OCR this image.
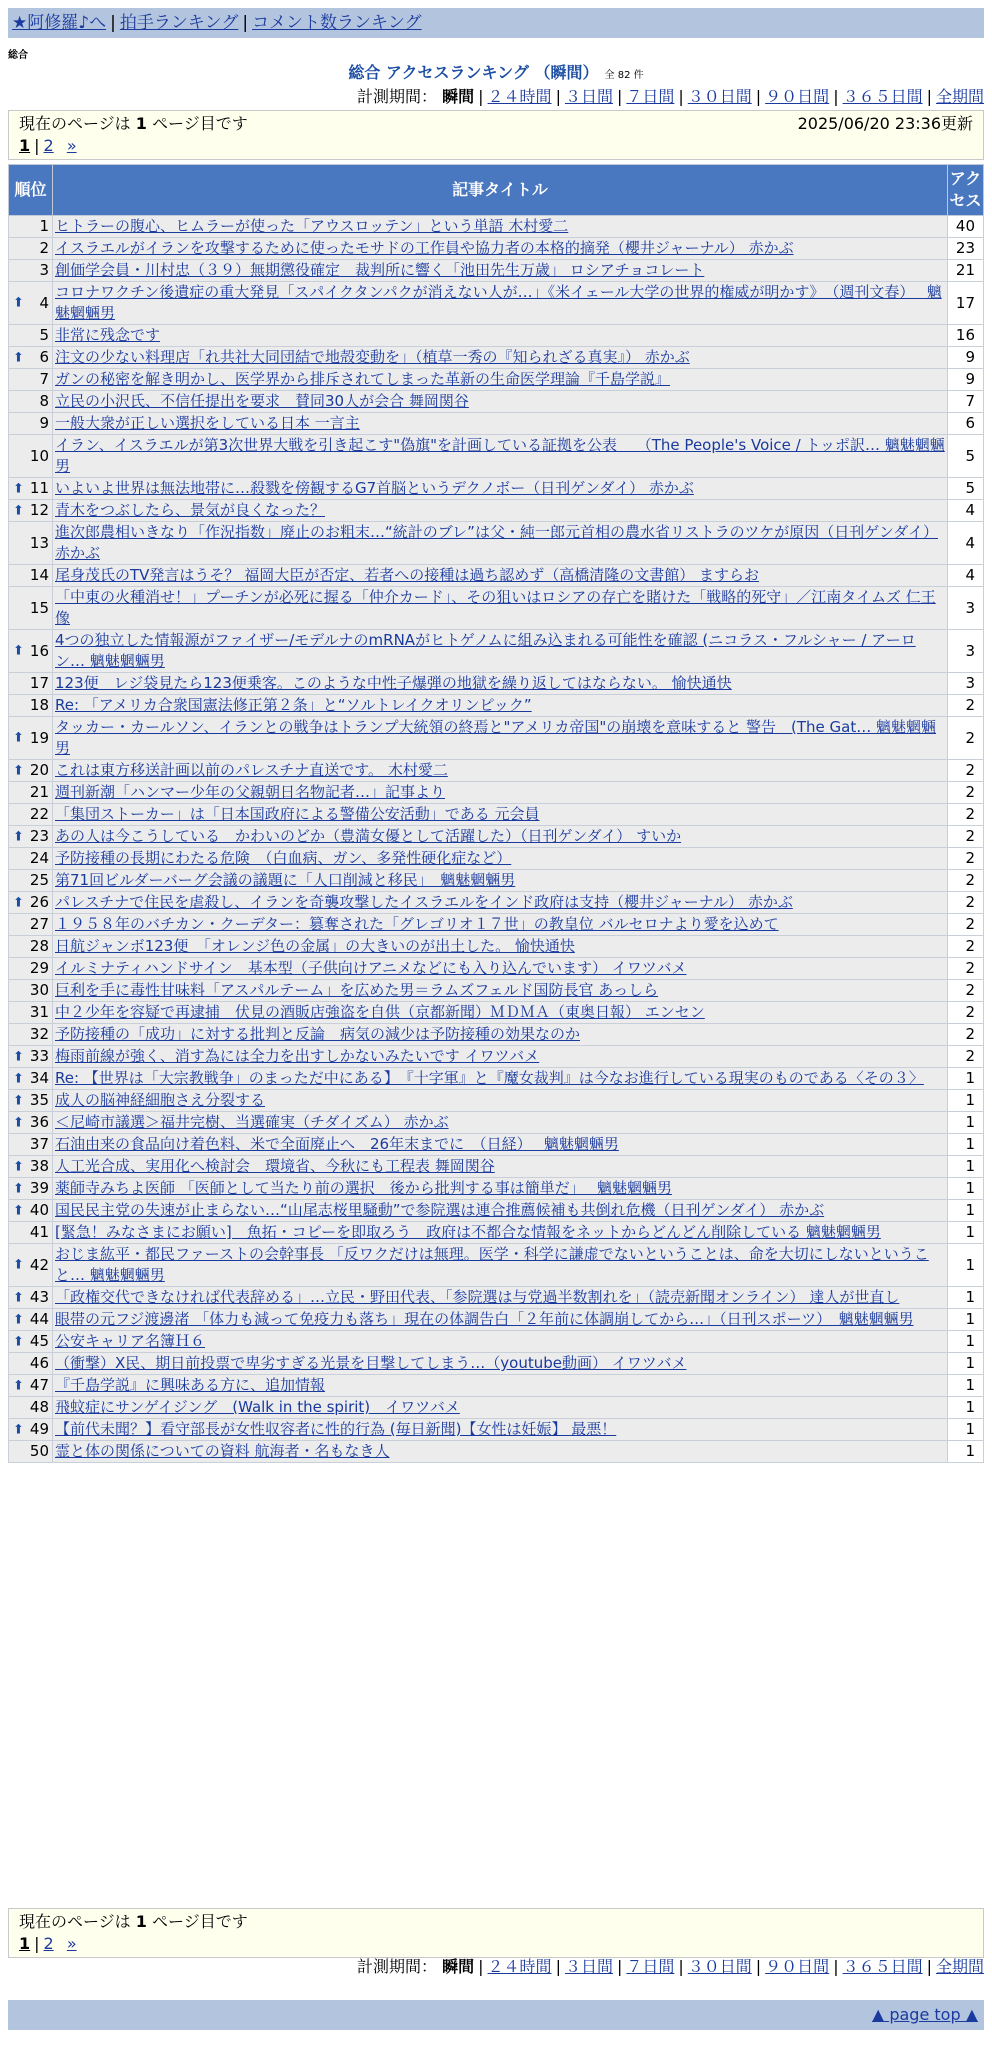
★阿修羅♪へ | 拍手ランキング | コメント数ランキング
総合
総合 アクセスランキング （瞬間） 全 82 件
計測期間： 瞬間 | ２４時間 | ３日間 | ７日間 | ３０日間 | ９０日間 | ３６５日間 | 全期間
現在のページは 1 ページ目です	2025/06/20 23:36更新
1 | 2 »
順位	記事タイトル	アクセス
1	ヒトラーの腹心、ヒムラーが使った「アウスロッテン」という単語 木村愛二	40
2	イスラエルがイランを攻撃するために使ったモサドの工作員や協力者の本格的摘発（櫻井ジャーナル） 赤かぶ	23
3	創価学会員・川村忠（３９）無期懲役確定　裁判所に響く「池田先生万歳」 ロシアチョコレート	21

⬆ 4	コロナワクチン後遺症の重大発見「スパイクタンパクが消えない人が…」《米イェール大学の世界的権威が明かす》　（週刊文春）　 魑魅魍魎男	17
5	非常に残念です	16

⬆ 6	注文の少ない料理店「れ共社大同団結で地殻変動を」（植草一秀の『知られざる真実』） 赤かぶ	9
7	ガンの秘密を解き明かし、医学界から排斥されてしまった革新の生命医学理論『千島学説』	9
8	立民の小沢氏、不信任提出を要求　賛同30人が会合 舞岡関谷	7
9	一般大衆が正しい選択をしている日本 一言主	6
10	イラン、イスラエルが第3次世界大戦を引き起こす"偽旗"を計画している証拠を公表　 （The People's Voice / トッポ訳… 魑魅魍魎男	5

⬆ 11	いよいよ世界は無法地帯に…殺戮を傍観するG7首脳というデクノボー（日刊ゲンダイ） 赤かぶ	5

⬆ 12	青木をつぶしたら、景気が良くなった？	4
13	進次郎農相いきなり「作況指数」廃止のお粗末…“統計のブレ”は父・純一郎元首相の農水省リストラのツケが原因（日刊ゲンダイ） 赤かぶ	4
14	尾身茂氏のTV発言はうそ？ 福岡大臣が否定、若者への接種は過ち認めず（高橋清隆の文書館） ますらお	4
15	「中東の火種消せ！」プーチンが必死に握る「仲介カード」、その狙いはロシアの存亡を賭けた「戦略的死守」／江南タイムズ 仁王像	3

⬆ 16	4つの独立した情報源がファイザー/モデルナのmRNAがヒトゲノムに組み込まれる可能性を確認 (ニコラス・フルシャー / アーロン… 魑魅魍魎男	3
17	123便　レジ袋見たら123便乗客。このような中性子爆弾の地獄を繰り返してはならない。 愉快通快	3
18	Re: 「アメリカ合衆国憲法修正第２条」と“ソルトレイクオリンピック”	2

⬆ 19	タッカー・カールソン、イランとの戦争はトランプ大統領の終焉と"アメリカ帝国"の崩壊を意味すると 警告　(The Gat… 魑魅魍魎男	2

⬆ 20	これは東方移送計画以前のパレスチナ直送です。 木村愛二	2
21	週刊新潮「ハンマー少年の父親朝日名物記者…」記事より	2
22	「集団ストーカー」は「日本国政府による警備公安活動」である 元会員	2

⬆ 23	あの人は今こうしている　かわいのどか（豊満女優として活躍した）（日刊ゲンダイ） すいか	2
24	予防接種の長期にわたる危険　（白血病、ガン、多発性硬化症など）	2
25	第71回ビルダーバーグ会議の議題に「人口削減と移民」　魑魅魍魎男	2

⬆ 26	パレスチナで住民を虐殺し、イランを奇襲攻撃したイスラエルをインド政府は支持（櫻井ジャーナル） 赤かぶ	2
27	１９５８年のバチカン・クーデター：篡奪された「グレゴリオ１７世」の教皇位 バルセロナより愛を込めて	2
28	日航ジャンボ123便　「オレンジ色の金属」の大きいのが出土した。 愉快通快	2
29	イルミナティハンドサイン　基本型（子供向けアニメなどにも入り込んでいます） イワツバメ	2
30	巨利を手に毒性甘味料「アスパルテーム」を広めた男＝ラムズフェルド国防長官 あっしら	2
31	中２少年を容疑で再逮捕　伏見の酒販店強盗を自供（京都新聞）ＭＤＭＡ（東奥日報） エンセン	2
32	予防接種の「成功」に対する批判と反論　病気の減少は予防接種の効果なのか	2

⬆ 33	梅雨前線が強く、消す為には全力を出すしかないみたいです イワツバメ	2

⬆ 34	Re: 【世界は「大宗教戦争」のまっただ中にある】　『十字軍』と『魔女裁判』は今なお進行している現実のものである〈その３〉	1

⬆ 35	成人の脳神経細胞さえ分裂する	1

⬆ 36	＜尼崎市議選＞福井完樹、当選確実（チダイズム） 赤かぶ	1
37	石油由来の食品向け着色料、米で全面廃止へ　26年末までに　（日経）　 魑魅魍魎男	1

⬆ 38	人工光合成、実用化へ検討会　環境省、今秋にも工程表 舞岡関谷	1

⬆ 39	薬師寺みちよ医師 「医師として当たり前の選択　後から批判する事は簡単だ」　 魑魅魍魎男	1

⬆ 40	国民民主党の失速が止まらない…“山尾志桜里騒動”で参院選は連合推薦候補も共倒れ危機（日刊ゲンダイ） 赤かぶ	1
41	[緊急！みなさまにお願い]　魚拓・コピーを即取ろう　政府は不都合な情報をネットからどんどん削除している 魑魅魍魎男	1

⬆ 42	おじま紘平・都民ファーストの会幹事長 「反ワクだけは無理。医学・科学に謙虚でないということは、命を大切にしないということ… 魑魅魍魎男	1

⬆ 43	「政権交代できなければ代表辞める」…立民・野田代表、「参院選は与党過半数割れを」（読売新聞オンライン） 達人が世直し	1

⬆ 44	眼帯の元フジ渡邊渚 「体力も減って免疫力も落ち」現在の体調告白「２年前に体調崩してから…」（日刊スポーツ）　魑魅魍魎男	1

⬆ 45	公安キャリア名簿Ｈ６	1
46	（衝撃）X民、期日前投票で卑劣すぎる光景を目撃してしまう…（youtube動画） イワツバメ	1

⬆ 47	『千島学説』に興味ある方に、追加情報	1
48	飛蚊症にサンゲイジング　(Walk in the spirit)　イワツバメ	1

⬆ 49	【前代未聞？】看守部長が女性収容者に性的行為 (毎日新聞)【女性は妊娠】 最悪！	1
50	霊と体の関係についての資料 航海者・名もなき人	1
現在のページは 1 ページ目です
1 | 2 »
計測期間： 瞬間 | ２４時間 | ３日間 | ７日間 | ３０日間 | ９０日間 | ３６５日間 | 全期間
▲ page top ▲
